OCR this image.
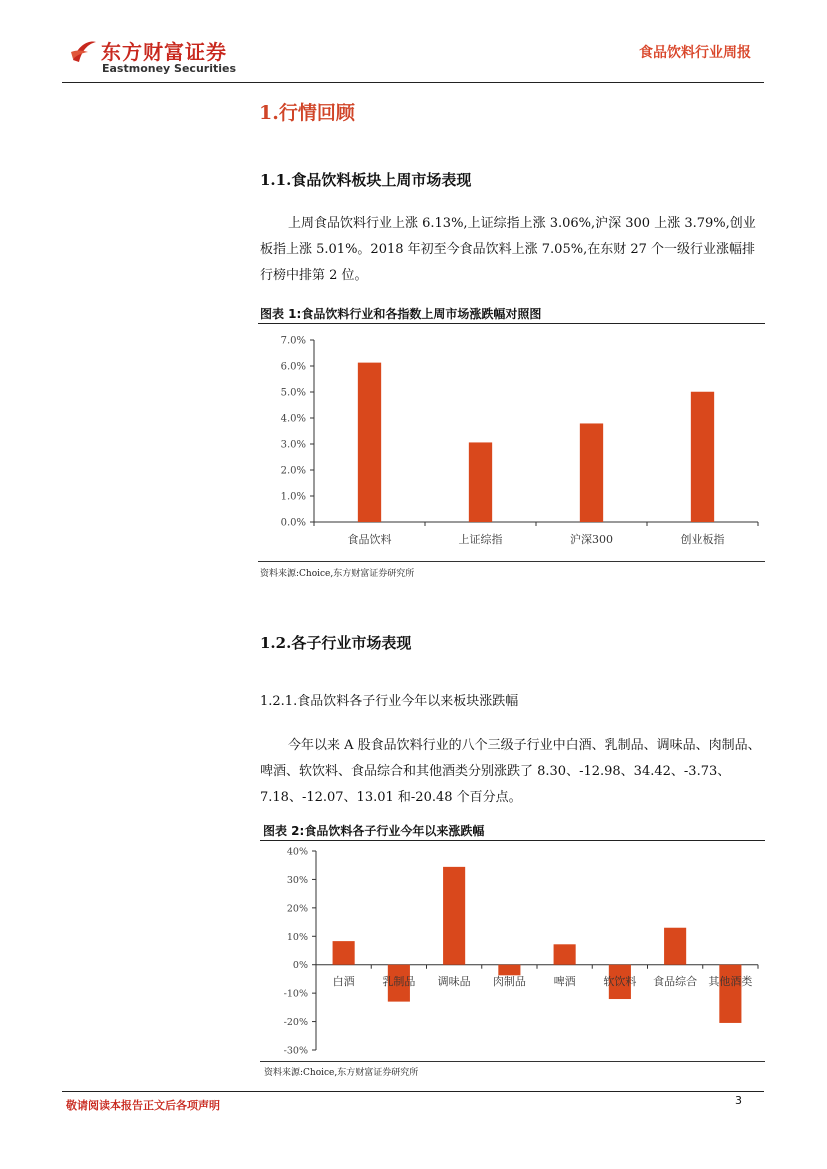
东方财富证券
Eastmoney Securities
食品饮料行业周报
1.行情回顾
1.1.食品饮料板块上周市场表现

上周食品饮料行业上涨 6.13%,上证综指上涨 3.06%,沪深 300 上涨 3.79%,创业板指上涨 5.01%。2018 年初至今食品饮料上涨 7.05%,在东财 27 个一级行业涨幅排行榜中排第 2 位。

图表 1:食品饮料行业和各指数上周市场涨跌幅对照图
0.0%
1.0%
2.0%
3.0%
4.0%
5.0%
6.0%
7.0%
食品饮料	上证综指	沪深300	创业板指
资料来源:Choice,东方财富证券研究所
1.2.各子行业市场表现
1.2.1.食品饮料各子行业今年以来板块涨跌幅

今年以来 A 股食品饮料行业的八个三级子行业中白酒、乳制品、调味品、肉制品、啤酒、软饮料、食品综合和其他酒类分别涨跌了 8.30、-12.98、34.42、-3.73、7.18、-12.07、13.01 和-20.48 个百分点。

图表 2:食品饮料各子行业今年以来涨跌幅
-30%
-20%
-10%
0%
10%
20%
30%
40%
白酒	乳制品 调味品 肉制品	啤酒	软饮料 食品综合 其他酒类
资料来源:Choice,东方财富证券研究所
敬请阅读本报告正文后各项声明	3
